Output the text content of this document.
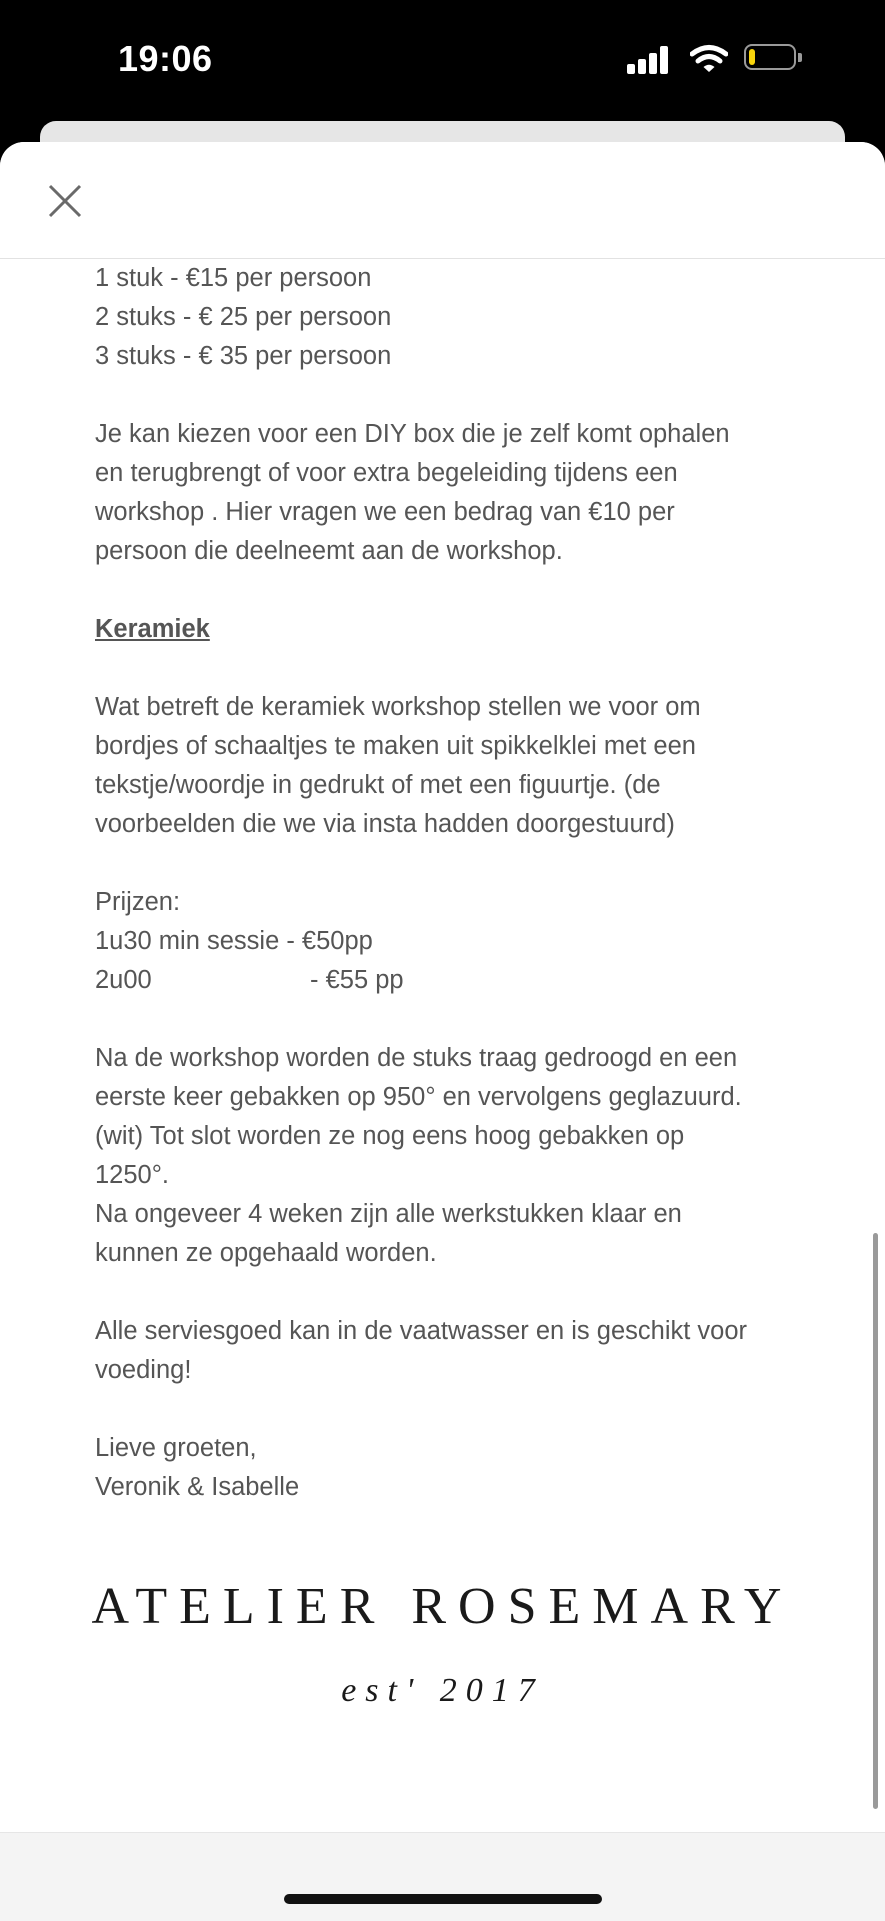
19:06
1 stuk - €15 per persoon
2 stuks - € 25 per persoon
3 stuks - € 35 per persoon
Je kan kiezen voor een DIY box die je zelf komt ophalen
en terugbrengt of voor extra begeleiding tijdens een
workshop . Hier vragen we een bedrag van €10 per
persoon die deelneemt aan de workshop.
Keramiek
Wat betreft de keramiek workshop stellen we voor om
bordjes of schaaltjes te maken uit spikkelklei met een
tekstje/woordje in gedrukt of met een figuurtje. (de
voorbeelden die we via insta hadden doorgestuurd)
Prijzen:
1u30 min sessie - €50pp
2u00	- €55 pp
Na de workshop worden de stuks traag gedroogd en een
eerste keer gebakken op 950° en vervolgens geglazuurd.
(wit) Tot slot worden ze nog eens hoog gebakken op
1250°.
Na ongeveer 4 weken zijn alle werkstukken klaar en
kunnen ze opgehaald worden.
Alle serviesgoed kan in de vaatwasser en is geschikt voor
voeding!
Lieve groeten,
Veronik & Isabelle
ATELIER ROSEMARY
est' 2017
